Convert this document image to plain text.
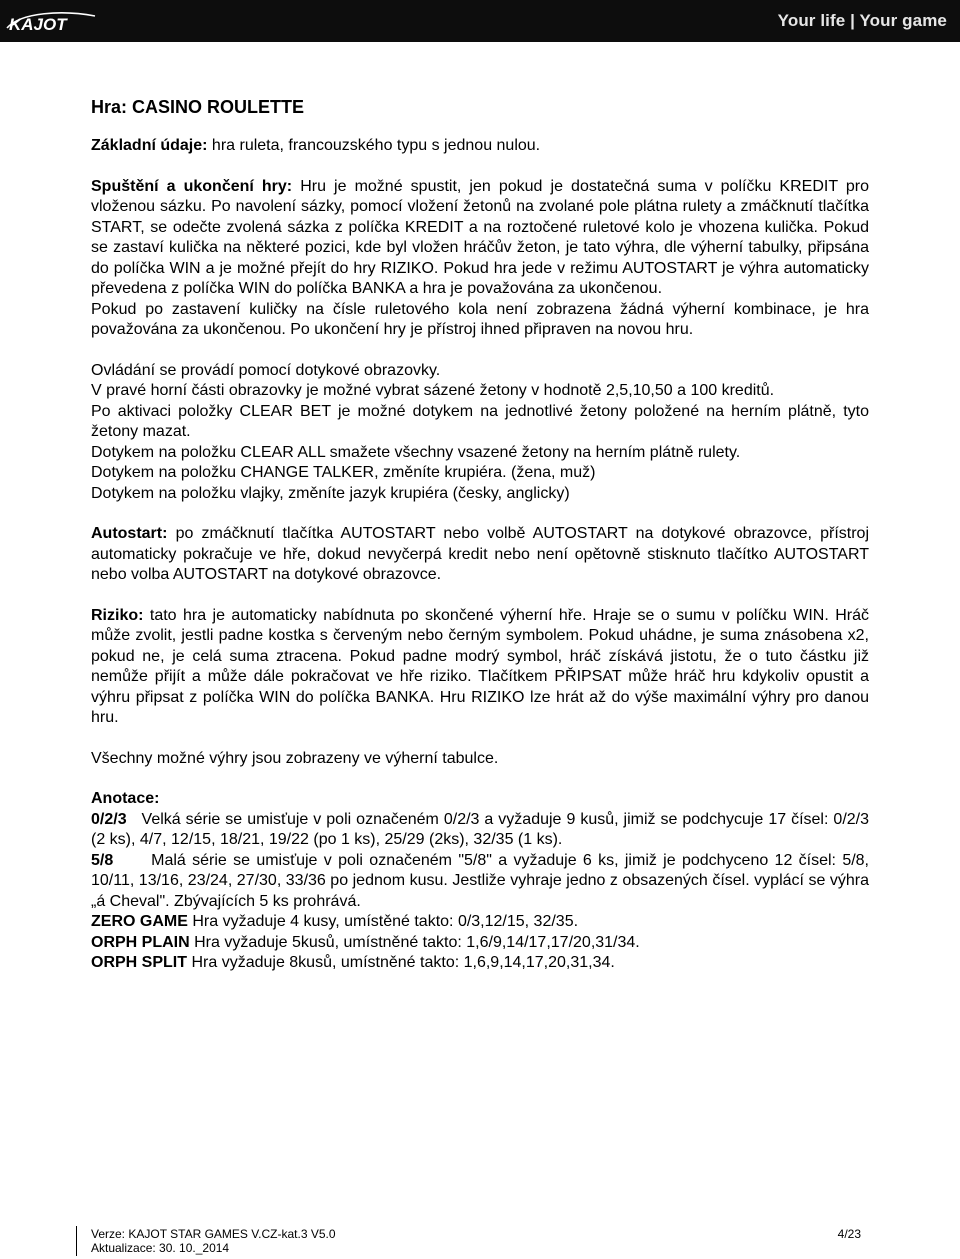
KAJOT	Your life | Your game
Hra: CASINO ROULETTE

Základní údaje: hra ruleta, francouzského typu s jednou nulou.

Spuštění a ukončení hry: Hru je možné spustit, jen pokud je dostatečná suma v políčku KREDIT pro vloženou sázku. Po navolení sázky, pomocí vložení žetonů na zvolané pole plátna rulety a zmáčknutí tlačítka START, se odečte zvolená sázka z políčka KREDIT a na roztočené ruletové kolo je vhozena kulička. Pokud se zastaví kulička na některé pozici, kde byl vložen hráčův žeton, je tato výhra, dle výherní tabulky, připsána do políčka WIN a je možné přejít do hry RIZIKO. Pokud hra jede v režimu AUTOSTART je výhra automaticky převedena z políčka WIN do políčka BANKA a hra je považována za ukončenou.

Pokud po zastavení kuličky na čísle ruletového kola není zobrazena žádná výherní kombinace, je hra považována za ukončenou. Po ukončení hry je přístroj ihned připraven na novou hru.

Ovládání se provádí pomocí dotykové obrazovky.

V pravé horní části obrazovky je možné vybrat sázené žetony v hodnotě 2,5,10,50 a 100 kreditů.

Po aktivaci položky CLEAR BET je možné dotykem na jednotlivé žetony položené na herním plátně, tyto žetony mazat.

Dotykem na položku CLEAR ALL smažete všechny vsazené žetony na herním plátně rulety.

Dotykem na položku CHANGE TALKER, změníte krupiéra. (žena, muž)

Dotykem na položku vlajky, změníte jazyk krupiéra (česky, anglicky)

Autostart: po zmáčknutí tlačítka AUTOSTART nebo volbě AUTOSTART na dotykové obrazovce, přístroj automaticky pokračuje ve hře, dokud nevyčerpá kredit nebo není opětovně stisknuto tlačítko AUTOSTART nebo volba AUTOSTART na dotykové obrazovce.

Riziko: tato hra je automaticky nabídnuta po skončené výherní hře. Hraje se o sumu v políčku WIN. Hráč může zvolit, jestli padne kostka s červeným nebo černým symbolem. Pokud uhádne, je suma znásobena x2, pokud ne, je celá suma ztracena. Pokud padne modrý symbol, hráč získává jistotu, že o tuto částku již nemůže přijít a může dále pokračovat ve hře riziko. Tlačítkem PŘIPSAT může hráč hru kdykoliv opustit a výhru připsat z políčka WIN do políčka BANKA. Hru RIZIKO lze hrát až do výše maximální výhry pro danou hru.

Všechny možné výhry jsou zobrazeny ve výherní tabulce.

Anotace:

0/2/3   Velká série se umisťuje v poli označeném 0/2/3 a vyžaduje 9 kusů, jimiž se podchycuje 17 čísel: 0/2/3 (2 ks), 4/7, 12/15, 18/21, 19/22 (po 1 ks), 25/29 (2ks), 32/35 (1 ks).

5/8      Malá série se umisťuje v poli označeném "5/8" a vyžaduje 6 ks, jimiž je podchyceno 12 čísel: 5/8, 10/11, 13/16, 23/24, 27/30, 33/36 po jednom kusu. Jestliže vyhraje jedno z obsazených čísel. vyplácí se výhra „á Cheval". Zbývajících 5 ks prohrává.

ZERO GAME Hra vyžaduje 4 kusy, umístěné takto: 0/3,12/15, 32/35.

ORPH PLAIN Hra vyžaduje 5kusů, umístněné takto: 1,6/9,14/17,17/20,31/34.

ORPH SPLIT Hra vyžaduje 8kusů, umístněné takto: 1,6,9,14,17,20,31,34.

Verze: KAJOT STAR GAMES V.CZ-kat.3 V5.0
Aktualizace: 30. 10._2014
4/23
